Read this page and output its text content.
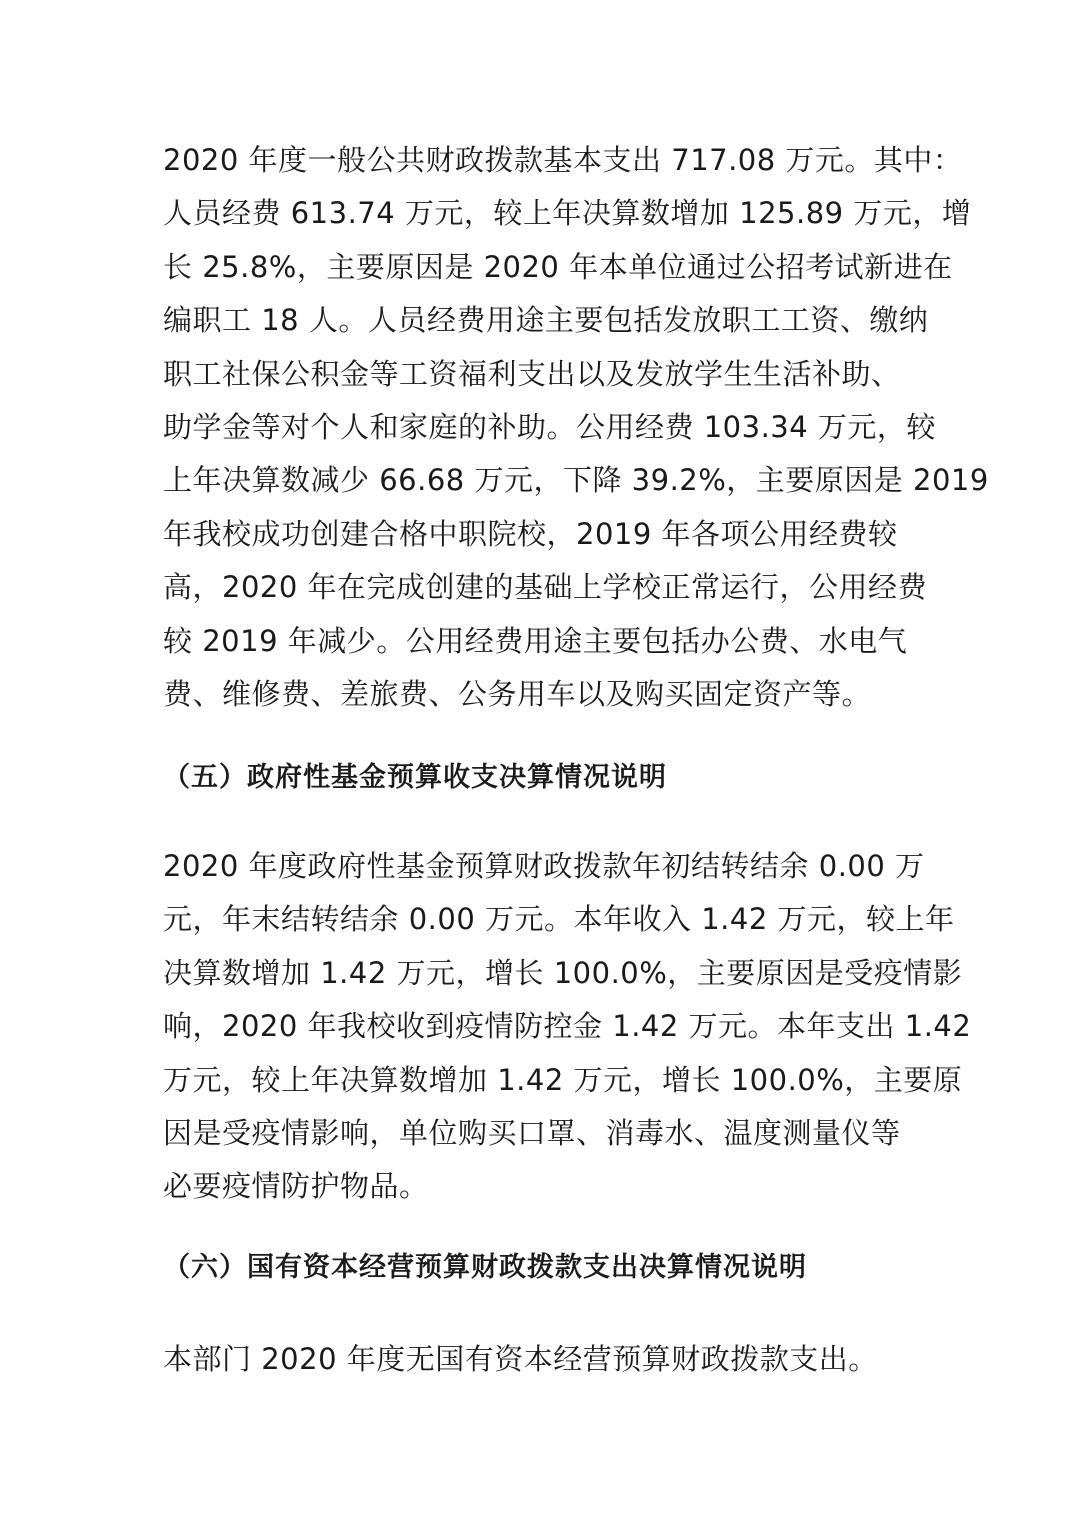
2020 年度一般公共财政拨款基本支出 717.08 万元。其中：
人员经费 613.74 万元，较上年决算数增加 125.89 万元，增
长 25.8%，主要原因是 2020 年本单位通过公招考试新进在
编职工 18 人。人员经费用途主要包括发放职工工资、缴纳
职工社保公积金等工资福利支出以及发放学生生活补助、
助学金等对个人和家庭的补助。公用经费 103.34 万元，较
上年决算数减少 66.68 万元，下降 39.2%，主要原因是 2019
年我校成功创建合格中职院校，2019 年各项公用经费较
高，2020 年在完成创建的基础上学校正常运行，公用经费
较 2019 年减少。公用经费用途主要包括办公费、水电气
费、维修费、差旅费、公务用车以及购买固定资产等。
（五）政府性基金预算收支决算情况说明
2020 年度政府性基金预算财政拨款年初结转结余 0.00 万
元，年末结转结余 0.00 万元。本年收入 1.42 万元，较上年
决算数增加 1.42 万元，增长 100.0%，主要原因是受疫情影
响，2020 年我校收到疫情防控金 1.42 万元。本年支出 1.42
万元，较上年决算数增加 1.42 万元，增长 100.0%，主要原
因是受疫情影响，单位购买口罩、消毒水、温度测量仪等
必要疫情防护物品。
（六）国有资本经营预算财政拨款支出决算情况说明
本部门 2020 年度无国有资本经营预算财政拨款支出。
